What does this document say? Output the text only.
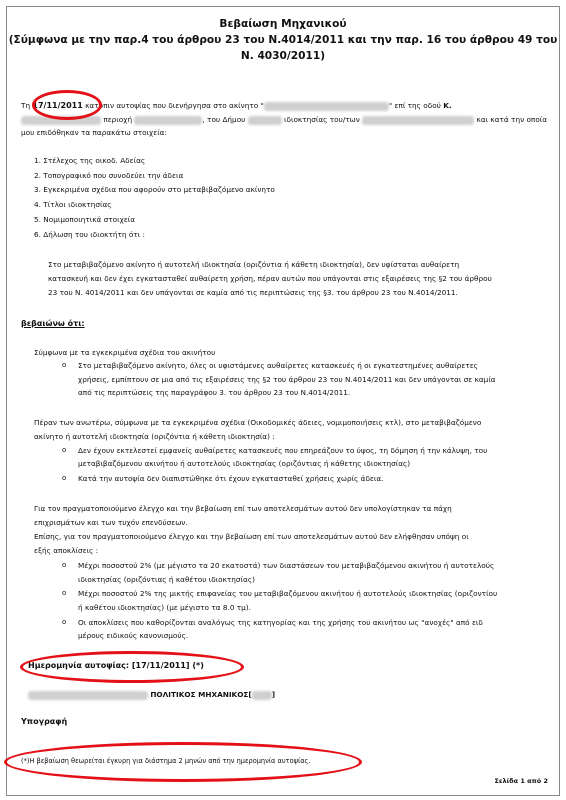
Βεβαίωση Μηχανικού
(Σύμφωνα με την παρ.4 του άρθρου 23 του Ν.4014/2011 και την παρ. 16 του άρθρου 49 του
Ν. 4030/2011)
Τη 17/11/2011 κατόπιν αυτοψίας που διενήργησα στο ακίνητο "	" επί της οδού Κ.
περιοχή	, του Δήμου	ιδιοκτησίας του/των	και κατά την οποία
μου επιδόθηκαν τα παρακάτω στοιχεία:
1. Στέλεχος της οικοδ. Αδείας
2. Τοπογραφικό που συνοδεύει την άδεια
3. Εγκεκριμένα σχέδια που αφορούν στο μεταβιβαζόμενο ακίνητο
4. Τίτλοι ιδιοκτησίας
5. Νομιμοποιητικά στοιχεία
6. Δήλωση του ιδιοκτήτη ότι :
Στο μεταβιβαζόμενο ακίνητο ή αυτοτελή ιδιοκτησία (οριζόντια ή κάθετη ιδιοκτησία), δεν υφίσταται αυθαίρετη
κατασκευή και δεν έχει εγκατασταθεί αυθαίρετη χρήση, πέραν αυτών που υπάγονται στις εξαιρέσεις της §2 του άρθρου
23 του Ν. 4014/2011 και δεν υπάγονται σε καμία από τις περιπτώσεις της §3. του άρθρου 23 του Ν.4014/2011.
βεβαιώνω ότι:
Σύμφωνα με τα εγκεκριμένα σχέδια του ακινήτου
o Στο μεταβιβαζόμενο ακίνητο, όλες οι υφιστάμενες αυθαίρετες κατασκευές ή οι εγκατεστημένες αυθαίρετες
χρήσεις, εμπίπτουν σε μια από τις εξαιρέσεις της §2 του άρθρου 23 του Ν.4014/2011 και δεν υπάγονται σε καμία
από τις περιπτώσεις της παραγράφου 3. του άρθρου 23 του Ν.4014/2011.
Πέραν των ανωτέρω, σύμφωνα με τα εγκεκριμένα σχέδια (Οικοδομικές άδειες, νομιμοποιήσεις κτλ), στο μεταβιβαζόμενο
ακίνητο ή αυτοτελή ιδιοκτησία (οριζόντια ή κάθετη ιδιοκτησία) :
o Δεν έχουν εκτελεστεί εμφανείς αυθαίρετες κατασκευές που επηρεάζουν το ύψος, τη δόμηση ή την κάλυψη, του
μεταβιβαζόμενου ακινήτου ή αυτοτελούς ιδιοκτησίας (οριζόντιας ή κάθετης ιδιοκτησίας)
o Κατά την αυτοψία δεν διαπιστώθηκε ότι έχουν εγκατασταθεί χρήσεις χωρίς άδεια.
Για τον πραγματοποιούμενο έλεγχο και την βεβαίωση επί των αποτελεσμάτων αυτού δεν υπολογίστηκαν τα πάχη
επιχρισμάτων και των τυχόν επενδύσεων.
Επίσης, για τον πραγματοποιούμενο έλεγχο και την βεβαίωση επί των αποτελεσμάτων αυτού δεν ελήφθησαν υπόψη οι
εξής αποκλίσεις :
o Μέχρι ποσοστού 2% (με μέγιστο τα 20 εκατοστά) των διαστάσεων του μεταβιβαζόμενου ακινήτου ή αυτοτελούς
ιδιοκτησίας (οριζόντιας ή καθέτου ιδιοκτησίας)
o Μέχρι ποσοστού 2% της μικτής επιφανείας του μεταβιβαζόμενου ακινήτου ή αυτοτελούς ιδιοκτησίας (οριζοντίου
ή καθέτου ιδιοκτησίας) (με μέγιστο τα 8.0 τμ).
o Οι αποκλίσεις που καθορίζονται αναλόγως της κατηγορίας και της χρήσης του ακινήτου ως "ανοχές" από ειδ
μέρους ειδικούς κανονισμούς.
Ημερομηνία αυτοψίας: [17/11/2011] (*)
ΠΟΛΙΤΙΚΟΣ ΜΗΧΑΝΙΚΟΣ[	]
Υπογραφή
(*)Η βεβαίωση θεωρείται έγκυρη για διάστημα 2 μηνών από την ημερομηνία αυτοψίας.
Σελίδα 1 από 2
